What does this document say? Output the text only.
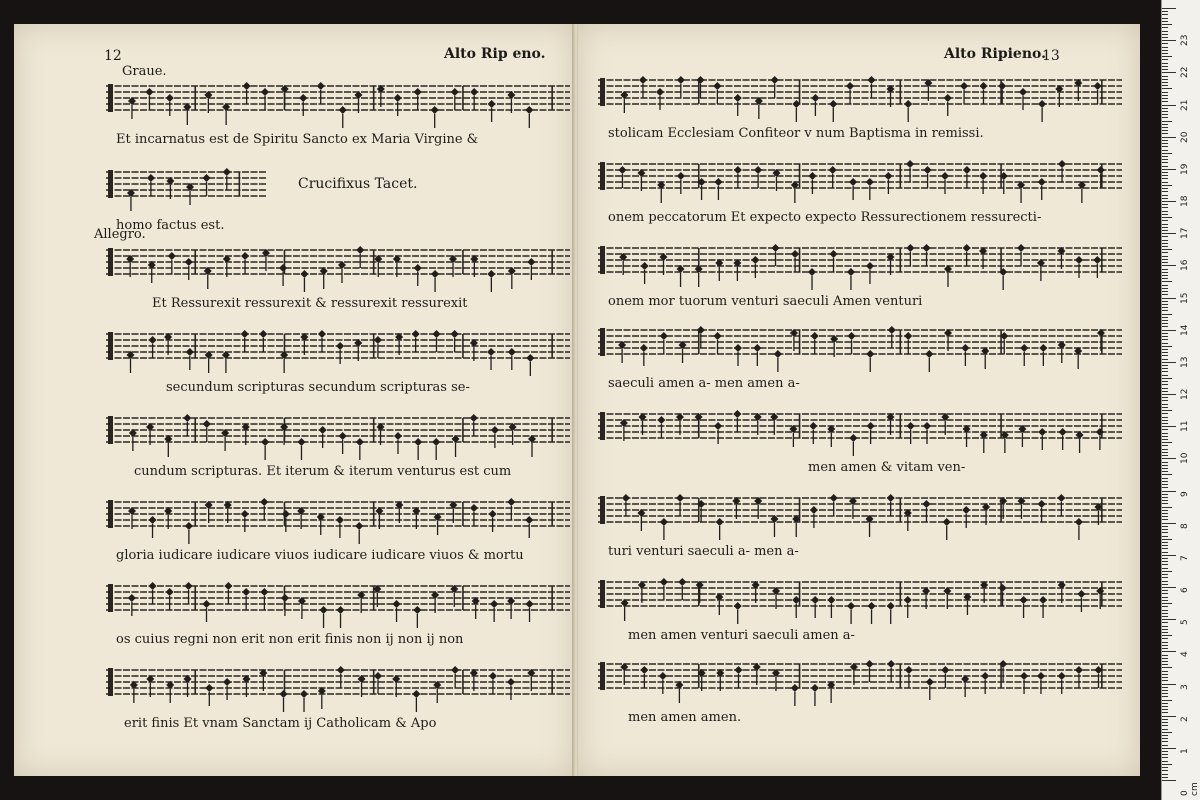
12	Alto Rip eno.
Graue.
Crucifixus Tacet.
Allegro.
Et incarnatus est de Spiritu Sancto ex Maria Virgine &
homo factus est.
Et Ressurexit ressurexit & ressurexit ressurexit
secundum scripturas secundum scripturas se-
cundum scripturas. Et iterum & iterum venturus est cum
gloria iudicare iudicare viuos iudicare iudicare viuos & mortu
os cuius regni non erit non erit finis non ij non ij non
erit finis Et vnam Sanctam ij Catholicam & Apo
Alto Ripieno.
13
stolicam Ecclesiam Confiteor v num Baptisma in remissi.
onem peccatorum Et expecto expecto Ressurectionem ressurecti-
onem mor tuorum venturi saeculi Amen venturi
saeculi amen a- men amen a-
men amen & vitam ven-
turi venturi saeculi a- men a-
men amen venturi saeculi amen a-
men amen amen.
1
2
3
4
5
6
7
8
9
10
11
12
13
14
15
16
17
18
19
20
21
22
23
0 cm
